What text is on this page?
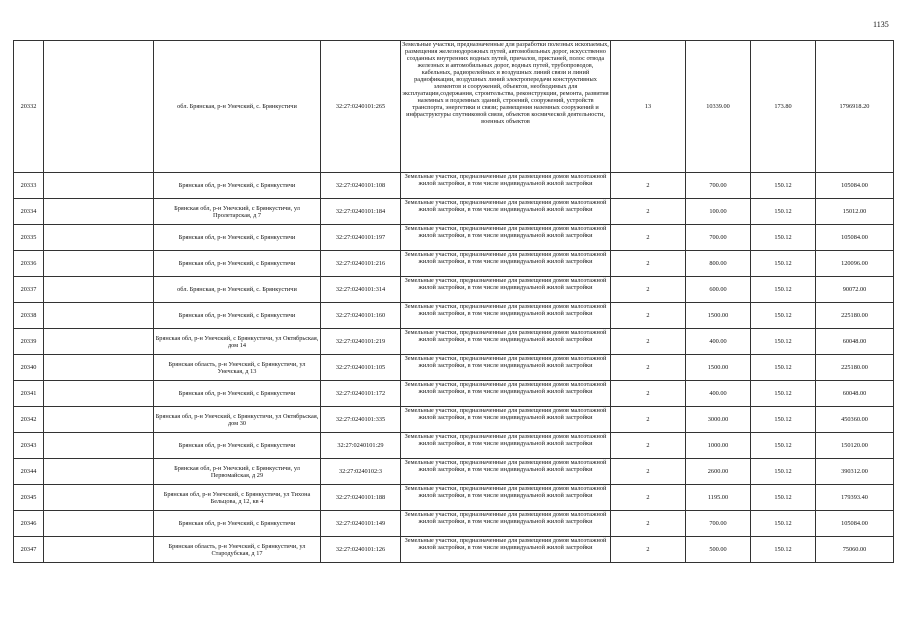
1135
20332		обл. Брянская, р-н Унечский, с. Брянкустичи	32:27:0240101:265	Земельные участки, предназначенные для разработки полезных ископаемых, размещения железнодорожных путей, автомобильных дорог, искусственно созданных внутренних водных путей, причалов, пристаней, полос отвода железных и автомобильных дорог, водных путей, трубопроводов, кабельных, радиорелейных и воздушных линий связи и линий радиофикации, воздушных линий электропередачи конструктивных элементов и сооружений, объектов, необходимых для эксплуатации,содержания, строительства, реконструкции, ремонта, развития наземных и подземных зданий, строений, сооружений, устройств транспорта, энергетики и связи; размещения наземных сооружений и инфраструктуры спутниковой связи, объектов космической деятельности, военных объектов	13	10339.00	173.80	1796918.20
20333		Брянская обл, р-н Унечский, с Брянкустичи	32:27:0240101:108	Земельные участки, предназначенные для размещения домов малоэтажной жилой застройки, в том числе индивидуальной жилой застройки	2	700.00	150.12	105084.00
20334		Брянская обл, р-н Унечский, с Брянкустичи, ул Пролетарская, д 7	32:27:0240101:184	Земельные участки, предназначенные для размещения домов малоэтажной жилой застройки, в том числе индивидуальной жилой застройки	2	100.00	150.12	15012.00
20335		Брянская обл, р-н Унечский, с Брянкустичи	32:27:0240101:197	Земельные участки, предназначенные для размещения домов малоэтажной жилой застройки, в том числе индивидуальной жилой застройки	2	700.00	150.12	105084.00
20336		Брянская обл, р-н Унечский, с Брянкустичи	32:27:0240101:216	Земельные участки, предназначенные для размещения домов малоэтажной жилой застройки, в том числе индивидуальной жилой застройки	2	800.00	150.12	120096.00
20337		обл. Брянская, р-н Унечский, с. Брянкустичи	32:27:0240101:314	Земельные участки, предназначенные для размещения домов малоэтажной жилой застройки, в том числе индивидуальной жилой застройки	2	600.00	150.12	90072.00
20338		Брянская обл, р-н Унечский, с Брянкустичи	32:27:0240101:160	Земельные участки, предназначенные для размещения домов малоэтажной жилой застройки, в том числе индивидуальной жилой застройки	2	1500.00	150.12	225180.00
20339		Брянская обл, р-н Унечский, с Брянкустичи, ул Октябрьская, дом 14	32:27:0240101:219	Земельные участки, предназначенные для размещения домов малоэтажной жилой застройки, в том числе индивидуальной жилой застройки	2	400.00	150.12	60048.00
20340		Брянская область, р-н Унечский, с Брянкустичи, ул Унечская, д 13	32:27:0240101:105	Земельные участки, предназначенные для размещения домов малоэтажной жилой застройки, в том числе индивидуальной жилой застройки	2	1500.00	150.12	225180.00
20341		Брянская обл, р-н Унечский, с Брянкустичи	32:27:0240101:172	Земельные участки, предназначенные для размещения домов малоэтажной жилой застройки, в том числе индивидуальной жилой застройки	2	400.00	150.12	60048.00
20342		Брянская обл, р-н Унечский, с Брянкустичи, ул Октябрьская, дом 30	32:27:0240101:335	Земельные участки, предназначенные для размещения домов малоэтажной жилой застройки, в том числе индивидуальной жилой застройки	2	3000.00	150.12	450360.00
20343		Брянская обл, р-н Унечский, с Брянкустичи	32:27:0240101:29	Земельные участки, предназначенные для размещения домов малоэтажной жилой застройки, в том числе индивидуальной жилой застройки	2	1000.00	150.12	150120.00
20344		Брянская обл, р-н Унечский, с Брянкустичи, ул Первомайская, д 29	32:27:0240102:3	Земельные участки, предназначенные для размещения домов малоэтажной жилой застройки, в том числе индивидуальной жилой застройки	2	2600.00	150.12	390312.00
20345		Брянская обл, р-н Унечский, с Брянкустичи, ул Тихона Бельцова, д 12, кв 4	32:27:0240101:188	Земельные участки, предназначенные для размещения домов малоэтажной жилой застройки, в том числе индивидуальной жилой застройки	2	1195.00	150.12	179393.40
20346		Брянская обл, р-н Унечский, с Брянкустичи	32:27:0240101:149	Земельные участки, предназначенные для размещения домов малоэтажной жилой застройки, в том числе индивидуальной жилой застройки	2	700.00	150.12	105084.00
20347		Брянская область, р-н Унечский, с Брянкустичи, ул Стародубская, д 17	32:27:0240101:126	Земельные участки, предназначенные для размещения домов малоэтажной жилой застройки, в том числе индивидуальной жилой застройки	2	500.00	150.12	75060.00
